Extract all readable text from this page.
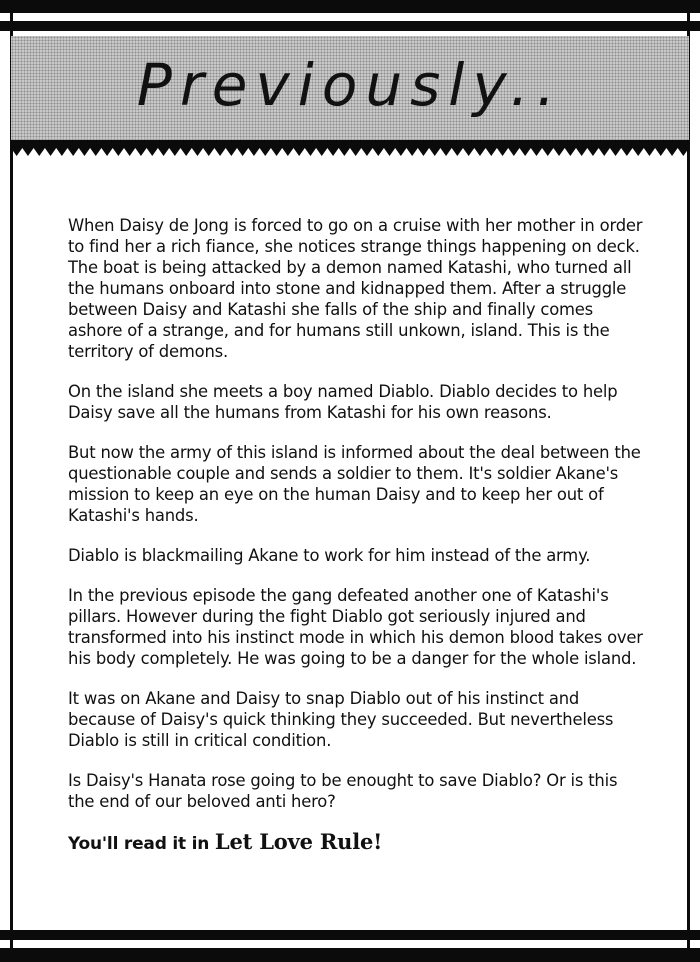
Previously..

When Daisy de Jong is forced to go on a cruise with her mother in order to find her a rich fiance, she notices strange things happening on deck. The boat is being attacked by a demon named Katashi, who turned all the humans onboard into stone and kidnapped them. After a struggle between Daisy and Katashi she falls of the ship and finally comes ashore of a strange, and for humans still unkown, island. This is the territory of demons.

On the island she meets a boy named Diablo. Diablo decides to help Daisy save all the humans from Katashi for his own reasons.

But now the army of this island is informed about the deal between the questionable couple and sends a soldier to them. It's soldier Akane's mission to keep an eye on the human Daisy and to keep her out of Katashi's hands.

Diablo is blackmailing Akane to work for him instead of the army.

In the previous episode the gang defeated another one of Katashi's pillars. However during the fight Diablo got seriously injured and transformed into his instinct mode in which his demon blood takes over his body completely. He was going to be a danger for the whole island.

It was on Akane and Daisy to snap Diablo out of his instinct and because of Daisy's quick thinking they succeeded. But nevertheless Diablo is still in critical condition.

Is Daisy's Hanata rose going to be enought to save Diablo? Or is this the end of our beloved anti hero?

You'll read it in Let Love Rule!
